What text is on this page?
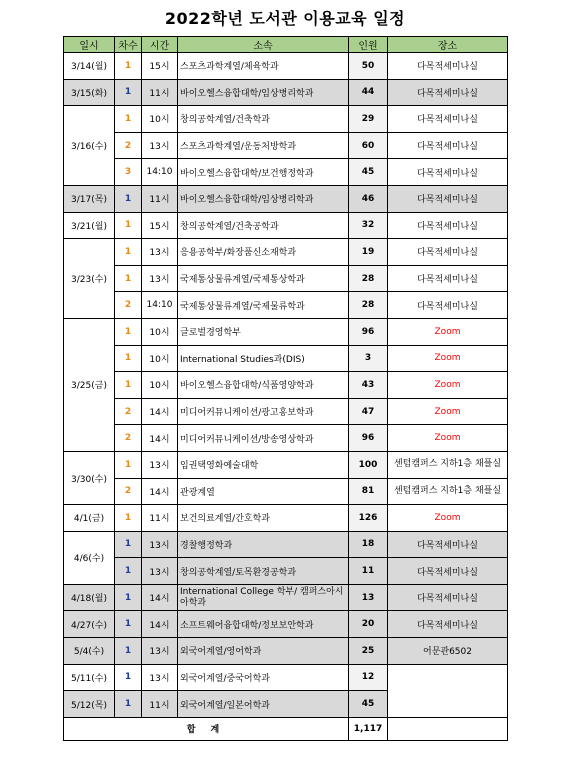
2022학년 도서관 이용교육 일정
일시	차수	시간	소속	인원	장소
3/14(월)	1	15시	스포츠과학계열/체육학과	50	다목적세미나실
3/15(화)	1	11시	바이오헬스융합대학/임상병리학과	44	다목적세미나실
3/16(수)	1	10시	창의공학계열/건축학과	29	다목적세미나실
	2	13시	스포츠과학계열/운동처방학과	60	다목적세미나실
	3	14:10	바이오헬스융합대학/보건행정학과	45	다목적세미나실
3/17(목)	1	11시	바이오헬스융합대학/임상병리학과	46	다목적세미나실
3/21(월)	1	15시	창의공학계열/건축공학과	32	다목적세미나실
3/23(수)	1	13시	응용공학부/화장품신소재학과	19	다목적세미나실
	1	13시	국제통상물류계열/국제통상학과	28	다목적세미나실
	2	14:10	국제통상물류계열/국제물류학과	28	다목적세미나실
3/25(금)	1	10시	글로벌경영학부	96	Zoom
	1	10시	International Studies과(DIS)	3	Zoom
	1	10시	바이오헬스융합대학/식품영양학과	43	Zoom
	2	14시	미디어커뮤니케이션/광고홍보학과	47	Zoom
	2	14시	미디어커뮤니케이션/방송영상학과	96	Zoom
3/30(수)	1	13시	임권택영화예술대학	100	센텀캠퍼스 지하1층 채플실
	2	14시	관광계열	81	센텀캠퍼스 지하1층 채플실
4/1(금)	1	11시	보건의료계열/간호학과	126	Zoom
4/6(수)	1	13시	경찰행정학과	18	다목적세미나실
	1	13시	창의공학계열/토목환경공학과	11	다목적세미나실
4/18(월)	1	14시	International College 학부/ 캠퍼스아시아학과	13	다목적세미나실
4/27(수)	1	14시	소프트웨어융합대학/정보보안학과	20	다목적세미나실
5/4(수)	1	13시	외국어계열/영어학과	25	어문관6502
5/11(수)	1	13시	외국어계열/중국어학과	12	
5/12(목)	1	11시	외국어계열/일본어학과	45	
합 계				1,117	
